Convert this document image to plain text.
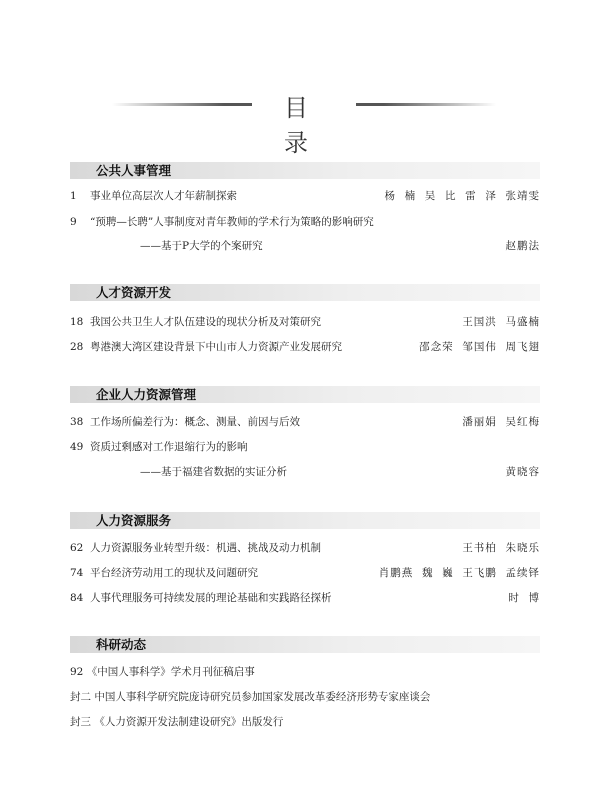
目 录
公共人事管理
1	事业单位高层次人才年薪制探索	杨  楠  吴  比  雷  泽  张靖雯
9	“预聘—长聘”人事制度对青年教师的学术行为策略的影响研究
——基于P大学的个案研究	赵鹏法
人才资源开发
18 我国公共卫生人才队伍建设的现状分析及对策研究	王国洪  马盛楠
28 粤港澳大湾区建设背景下中山市人力资源产业发展研究	邵念荣  邹国伟  周飞翅
企业人力资源管理
38 工作场所偏差行为：概念、测量、前因与后效	潘丽娟  吴红梅
49 资质过剩感对工作退缩行为的影响
——基于福建省数据的实证分析	黄晓容
人力资源服务
62 人力资源服务业转型升级：机遇、挑战及动力机制	王书柏  朱晓乐
74 平台经济劳动用工的现状及问题研究	肖鹏燕  魏  巍  王飞鹏  孟续铎
84 人事代理服务可持续发展的理论基础和实践路径探析	时  博
科研动态
92 《中国人事科学》学术月刊征稿启事
封二 中国人事科学研究院庞诗研究员参加国家发展改革委经济形势专家座谈会
封三 《人力资源开发法制建设研究》出版发行
